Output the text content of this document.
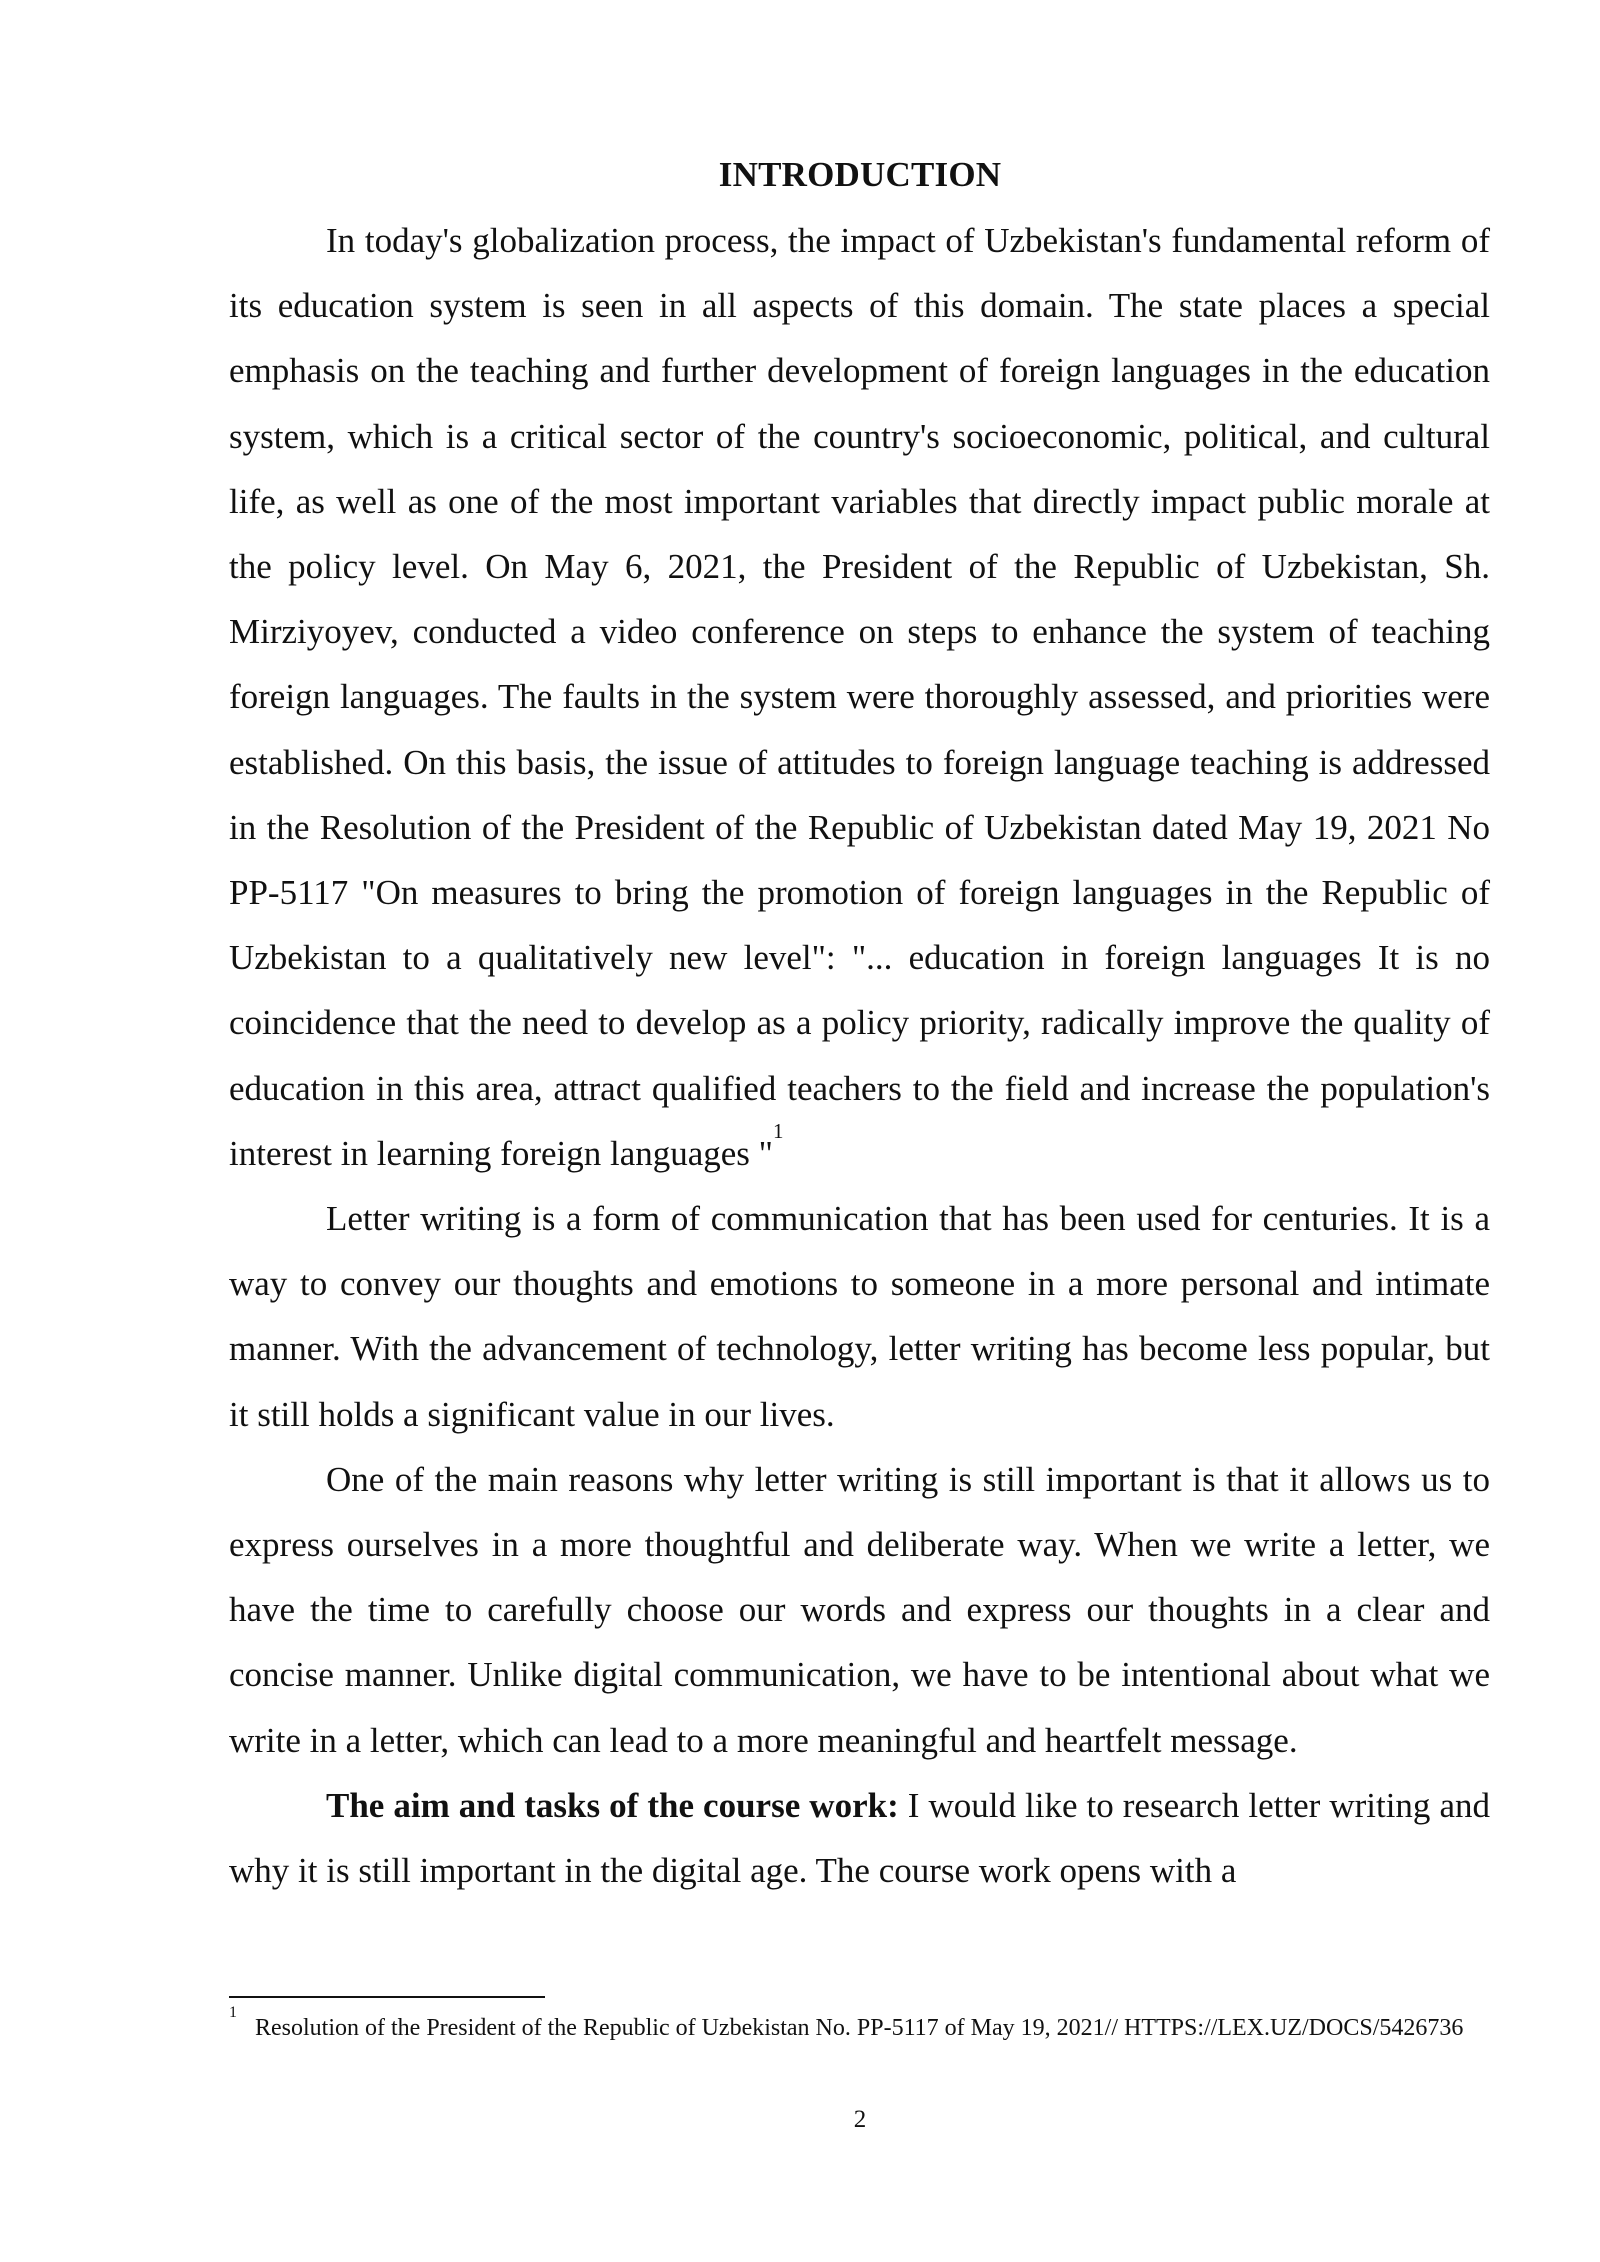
INTRODUCTION

In today's globalization process, the impact of Uzbekistan's fundamental reform of its education system is seen in all aspects of this domain. The state places a special emphasis on the teaching and further development of foreign languages in the education system, which is a critical sector of the country's socioeconomic, political, and cultural life, as well as one of the most important variables that directly impact public morale at the policy level. On May 6, 2021, the President of the Republic of Uzbekistan, Sh. Mirziyoyev, conducted a video conference on steps to enhance the system of teaching foreign languages. The faults in the system were thoroughly assessed, and priorities were established. On this basis, the issue of attitudes to foreign language teaching is addressed in the Resolution of the President of the Republic of Uzbekistan dated May 19, 2021 No PP-5117 "On measures to bring the promotion of foreign languages in the Republic of Uzbekistan to a qualitatively new level": "... education in foreign languages It is no coincidence that the need to develop as a policy priority, radically improve the quality of education in this area, attract qualified teachers to the field and increase the population's interest in learning foreign languages "$^1$

Letter writing is a form of communication that has been used for centuries. It is a way to convey our thoughts and emotions to someone in a more personal and intimate manner. With the advancement of technology, letter writing has become less popular, but it still holds a significant value in our lives.

One of the main reasons why letter writing is still important is that it allows us to express ourselves in a more thoughtful and deliberate way. When we write a letter, we have the time to carefully choose our words and express our thoughts in a clear and concise manner. Unlike digital communication, we have to be intentional about what we write in a letter, which can lead to a more meaningful and heartfelt message.

The aim and tasks of the course work: I would like to research letter writing and why it is still important in the digital age. The course work opens with a

$^1$Resolution of the President of the Republic of Uzbekistan No. PP-5117 of May 19, 2021// HTTPS://LEX.UZ/DOCS/5426736
2
